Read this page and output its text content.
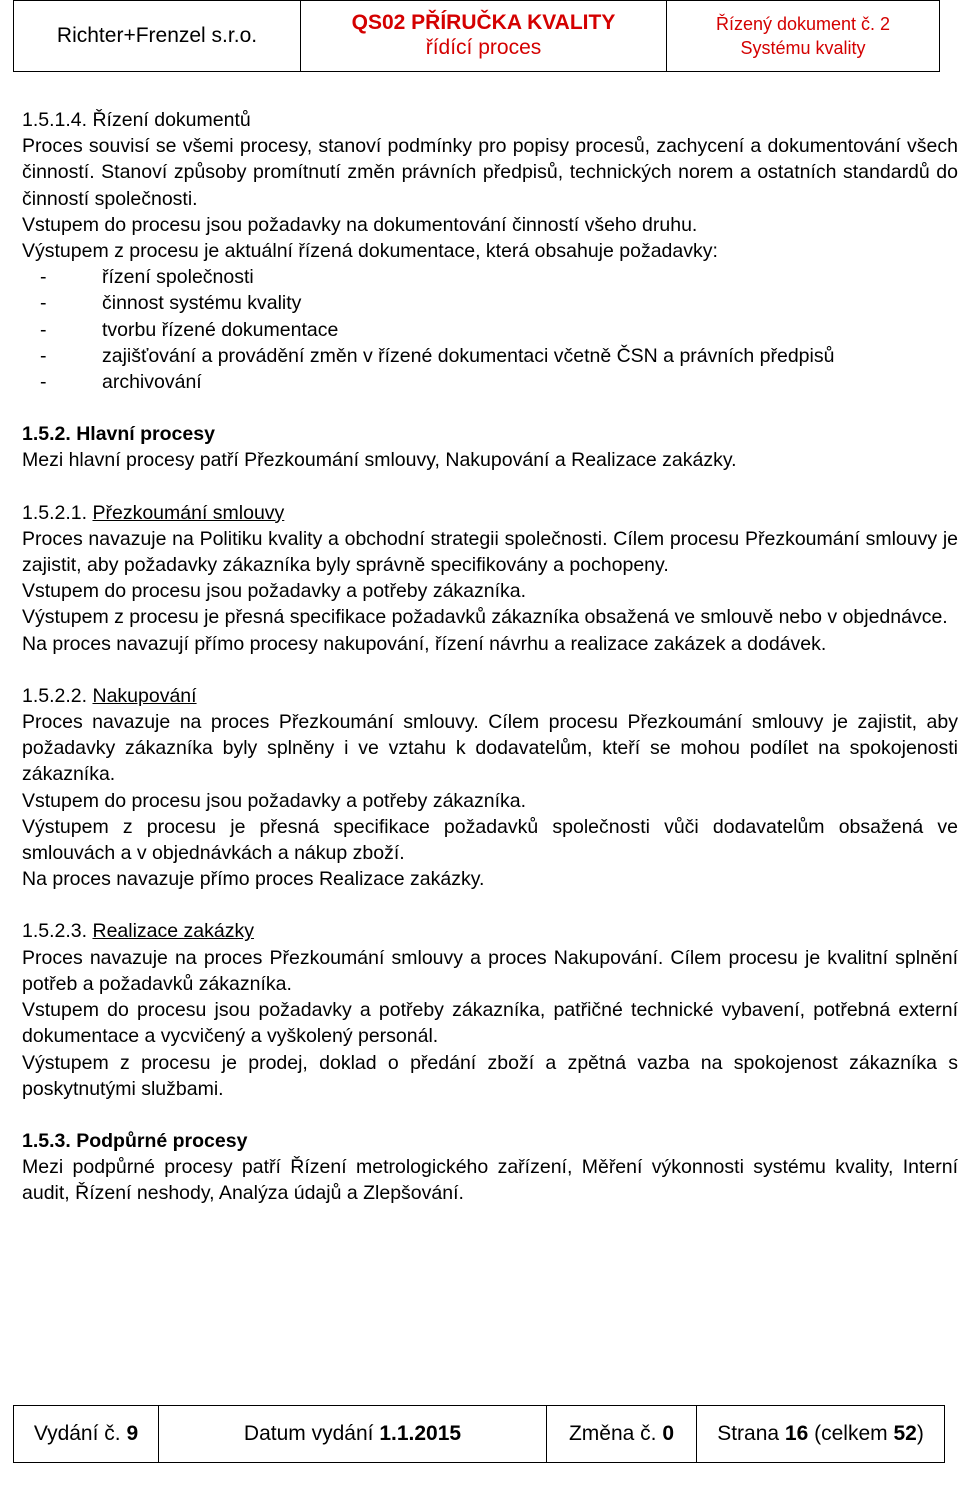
Richter+Frenzel s.r.o.
QS02 PŘÍRUČKA KVALITY
řídící proces
Řízený dokument č. 2
Systému kvality

1.5.1.4. Řízení dokumentů

Proces souvisí se všemi procesy, stanoví podmínky pro popisy procesů, zachycení a dokumentování všech činností. Stanoví způsoby promítnutí změn právních předpisů, technických norem a ostatních standardů do činností společnosti.

Vstupem do procesu jsou požadavky na dokumentování činností všeho druhu.

Výstupem z procesu je aktuální řízená dokumentace, která obsahuje požadavky:

- řízení společnosti
- činnost systému kvality
- tvorbu řízené dokumentace
- zajišťování a provádění změn v řízené dokumentaci včetně ČSN a právních předpisů
- archivování

1.5.2. Hlavní procesy

Mezi hlavní procesy patří Přezkoumání smlouvy, Nakupování a Realizace zakázky.

1.5.2.1. Přezkoumání smlouvy

Proces navazuje na Politiku kvality a obchodní strategii společnosti. Cílem procesu Přezkoumání smlouvy je zajistit, aby požadavky zákazníka byly správně specifikovány a pochopeny.

Vstupem do procesu jsou požadavky a potřeby zákazníka.

Výstupem z procesu je přesná specifikace požadavků zákazníka obsažená ve smlouvě nebo v objednávce.

Na proces navazují přímo procesy nakupování, řízení návrhu a realizace zakázek a dodávek.

1.5.2.2. Nakupování

Proces navazuje na proces Přezkoumání smlouvy. Cílem procesu Přezkoumání smlouvy je zajistit, aby požadavky zákazníka byly splněny i ve vztahu k dodavatelům, kteří se mohou podílet na spokojenosti zákazníka.

Vstupem do procesu jsou požadavky a potřeby zákazníka.

Výstupem z procesu je přesná specifikace požadavků společnosti vůči dodavatelům obsažená ve smlouvách a v objednávkách a nákup zboží.

Na proces navazuje přímo proces Realizace zakázky.

1.5.2.3. Realizace zakázky

Proces navazuje na proces Přezkoumání smlouvy a proces Nakupování. Cílem procesu je kvalitní splnění potřeb a požadavků zákazníka.

Vstupem do procesu jsou požadavky a potřeby zákazníka, patřičné technické vybavení, potřebná externí dokumentace a vycvičený a vyškolený personál.

Výstupem z procesu je prodej, doklad o předání zboží a zpětná vazba na spokojenost zákazníka s poskytnutými službami.

1.5.3. Podpůrné procesy

Mezi podpůrné procesy patří Řízení metrologického zařízení, Měření výkonnosti systému kvality, Interní audit, Řízení neshody, Analýza údajů a Zlepšování.

Vydání č. 9	Datum vydání 1.1.2015	Změna č. 0 Strana 16 (celkem 52 )
